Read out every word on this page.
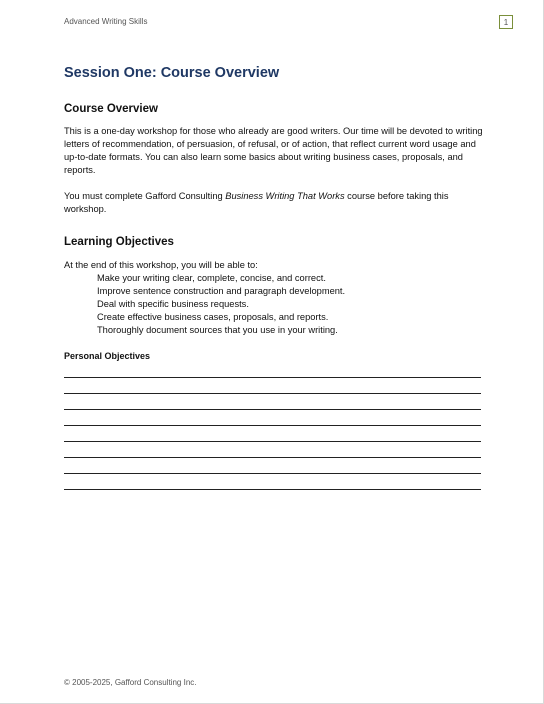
Advanced Writing Skills	1
Session One: Course Overview
Course Overview

This is a one-day workshop for those who already are good writers. Our time will be devoted to writing letters of recommendation, of persuasion, of refusal, or of action, that reflect current word usage and up-to-date formats. You can also learn some basics about writing business cases, proposals, and reports.

You must complete Gafford Consulting Business Writing That Works course before taking this workshop.

Learning Objectives

At the end of this workshop, you will be able to:

Make your writing clear, complete, concise, and correct.
Improve sentence construction and paragraph development.
Deal with specific business requests.
Create effective business cases, proposals, and reports.
Thoroughly document sources that you use in your writing.
Personal Objectives
© 2005-2025, Gafford Consulting Inc.
